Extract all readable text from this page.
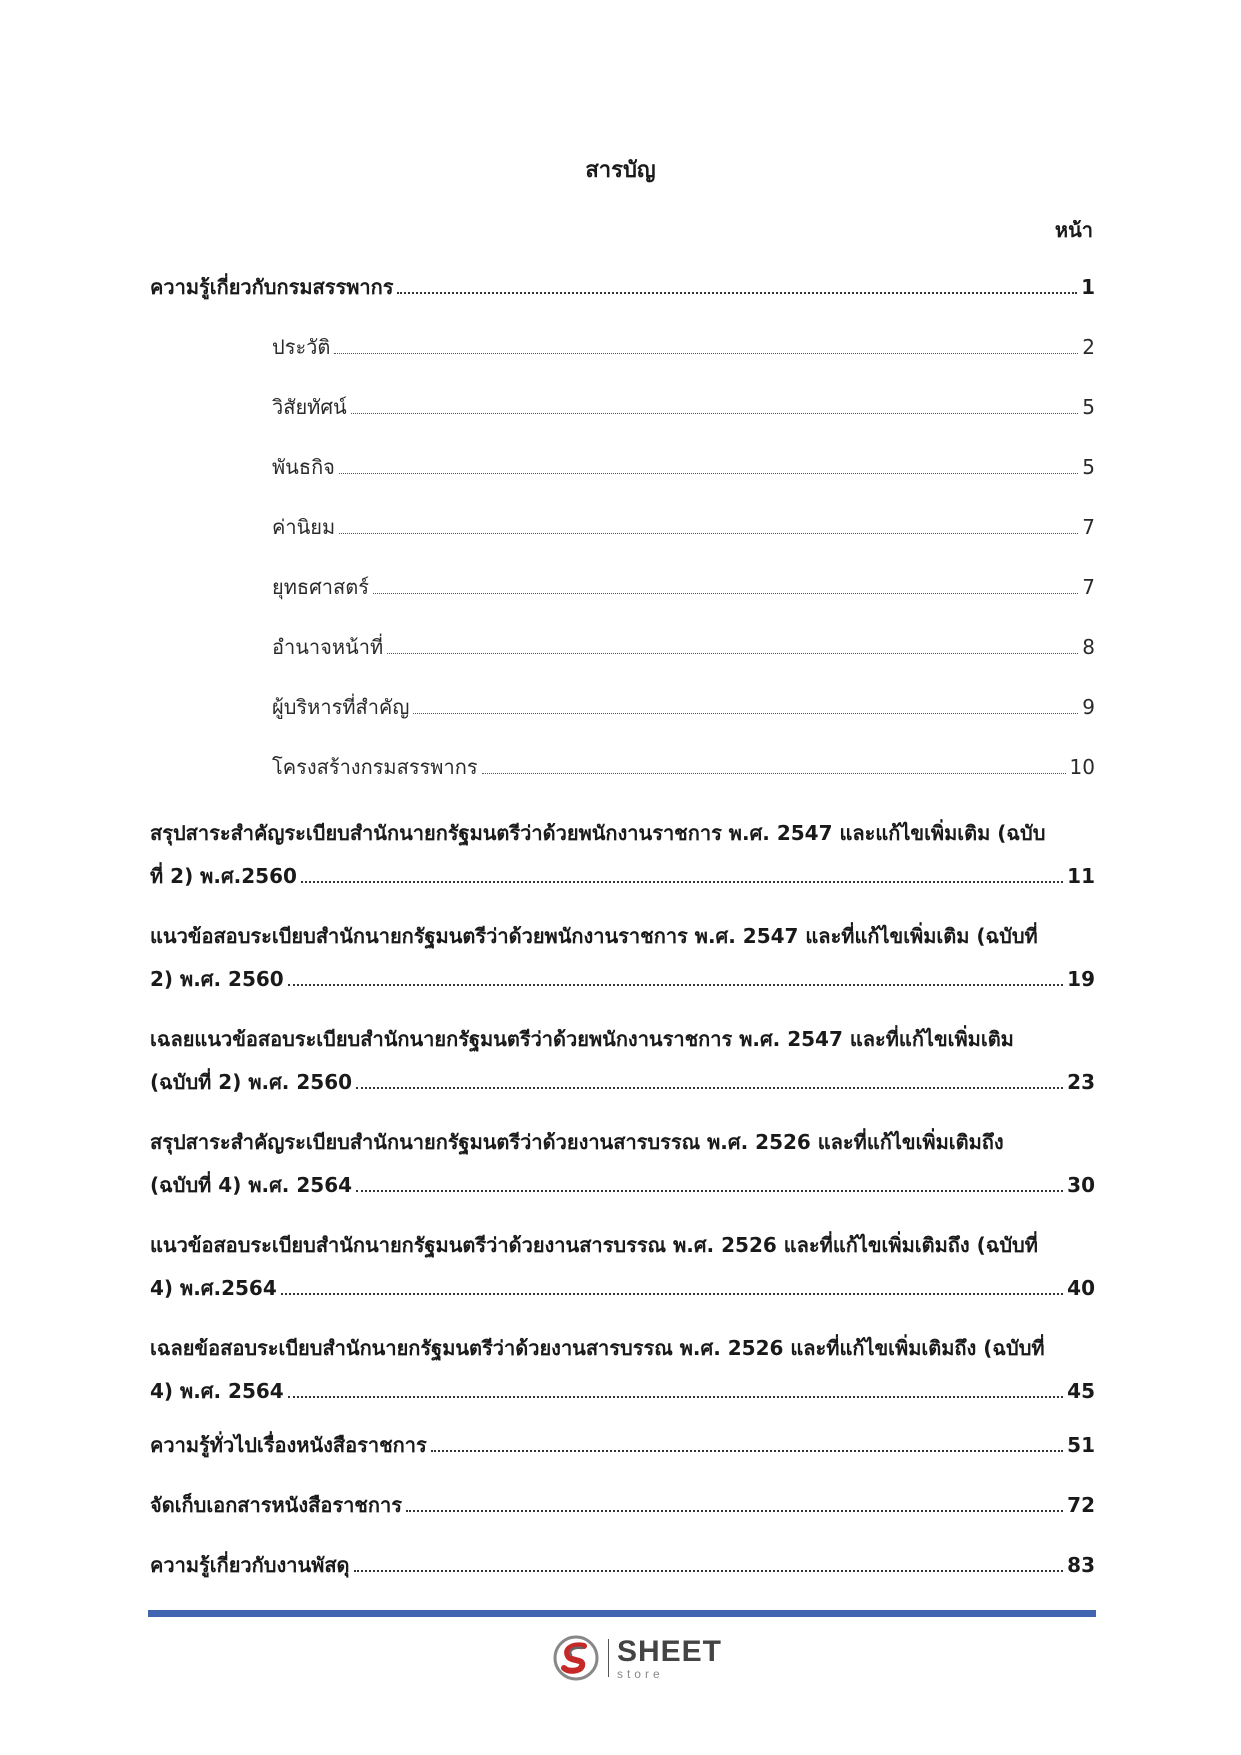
สารบัญ
หน้า
ความรู้เกี่ยวกับกรมสรรพากร	1
ประวัติ	2
วิสัยทัศน์	5
พันธกิจ	5
ค่านิยม	7
ยุทธศาสตร์	7
อำนาจหน้าที่	8
ผู้บริหารที่สำคัญ	9
โครงสร้างกรมสรรพากร	10
สรุปสาระสำคัญระเบียบสำนักนายกรัฐมนตรีว่าด้วยพนักงานราชการ พ.ศ. 2547 และแก้ไขเพิ่มเติม (ฉบับ
ที่ 2) พ.ศ.2560	11
แนวข้อสอบระเบียบสำนักนายกรัฐมนตรีว่าด้วยพนักงานราชการ พ.ศ. 2547 และที่แก้ไขเพิ่มเติม (ฉบับที่
2) พ.ศ. 2560	19
เฉลยแนวข้อสอบระเบียบสำนักนายกรัฐมนตรีว่าด้วยพนักงานราชการ พ.ศ. 2547 และที่แก้ไขเพิ่มเติม
(ฉบับที่ 2) พ.ศ. 2560	23
สรุปสาระสำคัญระเบียบสำนักนายกรัฐมนตรีว่าด้วยงานสารบรรณ พ.ศ. 2526 และที่แก้ไขเพิ่มเติมถึง
(ฉบับที่ 4) พ.ศ. 2564	30
แนวข้อสอบระเบียบสำนักนายกรัฐมนตรีว่าด้วยงานสารบรรณ พ.ศ. 2526 และที่แก้ไขเพิ่มเติมถึง (ฉบับที่
4) พ.ศ.2564	40
เฉลยข้อสอบระเบียบสำนักนายกรัฐมนตรีว่าด้วยงานสารบรรณ พ.ศ. 2526 และที่แก้ไขเพิ่มเติมถึง (ฉบับที่
4) พ.ศ. 2564	45
ความรู้ทั่วไปเรื่องหนังสือราชการ	51
จัดเก็บเอกสารหนังสือราชการ	72
ความรู้เกี่ยวกับงานพัสดุ	83
SHEET
store
